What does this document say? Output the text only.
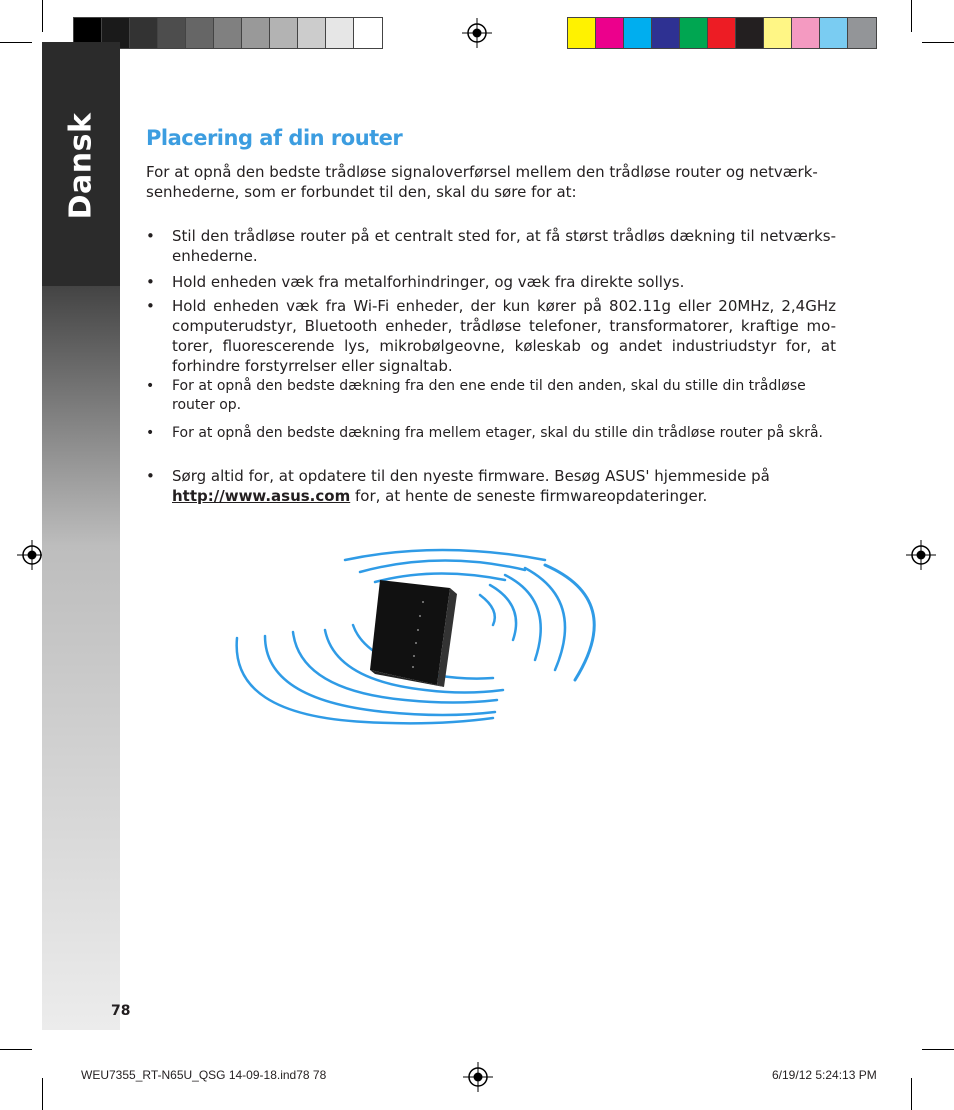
Dansk Placering af din router
For at opnå den bedste trådløse signaloverførsel mellem den trådløse router og netværk-senhederne, som er forbundet til den, skal du søre for at:
• Stil den trådløse router på et centralt sted for, at få størst trådløs dækning til netværks-enhederne.
• Hold enheden væk fra metalforhindringer, og væk fra direkte sollys.
• Hold enheden væk fra Wi-Fi enheder, der kun kører på 802.11g eller 20MHz, 2,4GHz computerudstyr, Bluetooth enheder, trådløse telefoner, transformatorer, kraftige mo-torer, fluorescerende lys, mikrobølgeovne, køleskab og andet industriudstyr for, at forhindre forstyrrelser eller signaltab.
• For at opnå den bedste dækning fra den ene ende til den anden, skal du stille din trådløse router op.
• For at opnå den bedste dækning fra mellem etager, skal du stille din trådløse router på skrå.
• Sørg altid for, at opdatere til den nyeste firmware. Besøg ASUS' hjemmeside på http://www.asus.com for, at hente de seneste firmwareopdateringer.
78
WEU7355_RT-N65U_QSG 14-09-18.ind78 78	6/19/12 5:24:13 PM
